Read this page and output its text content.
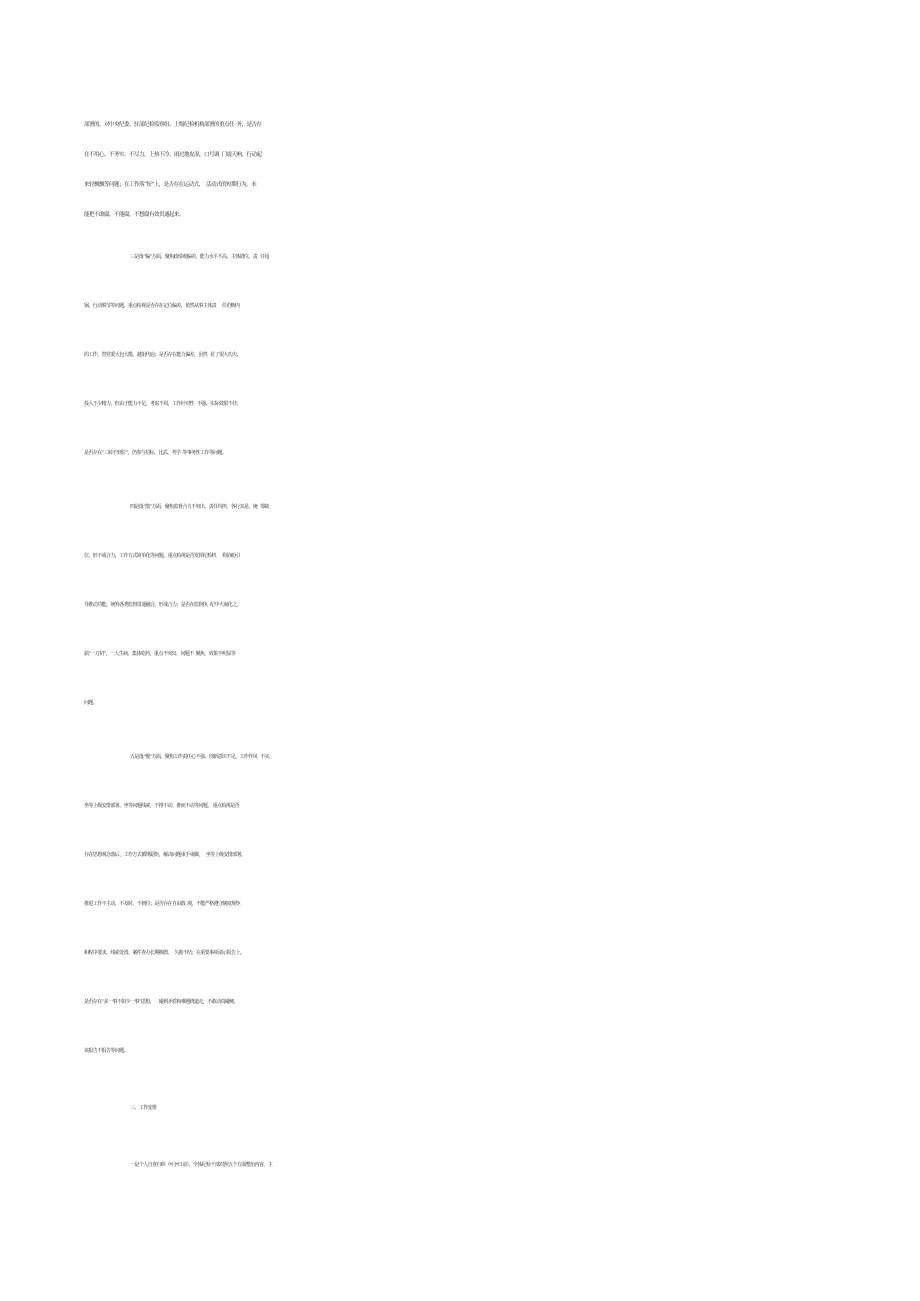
部署的，对中央纪委、驻部纪检监察组、上级纪检机构部署的重点任  务，是否存
在不用心、不务实、不尽力，上热下冷、雨过地皮湿，口号调  门震天响、行动起
来轻飘飘等问题；在工作落“短”上，是否存在运动式、  活动式的短期行为，未
能把不敢腐、不能腐、不想腐有效贯通起来。
三是落“偏”方面。聚焦政绩观偏差、能力水平不高、主体错位、责   任甩
锅、行动脱节等问题。重点检视是否存在定位偏差，依然从事主体责      任范畴内
的工作，替党委大包大揽、越俎代庖；是否存在能力偏差，虽然   花了很大功夫、
投入不少精力，但由于能力不足、考虑不周，工作针对性   不强、实际效果不佳；
是否存在“三转不到位”，仍参与招标、比武、考学  等事务性工作等问题。
四是落“散”方面。聚焦监督合力不突出、责任均担、各行其是、统   筹缺
位，形不成合力，工作方式简单化等问题。重点检视是否发挥纪检机      构协助引
导推动功能，统筹各类监督贯通融合、形成合力；是否在监督执   纪中大而化之、
搞“一刀切”，一人生病、集体吃药，重点不突出、问题不  聚焦，效果不明显等
问题。
五是落“慢”方面。聚焦工作责任心不强、创新意识不足、工作作风   不实，
坐等上级安排部署、坐等问题线索，不推不动、推而不动等问题。 重点检视是否
存在思想观念落后，工作方式循规蹈矩，解决问题束手束脚，   坐等上级安排部署，
推进工作不主动、不及时、不到位；是否存在自由散  漫，不能严格遵守制度规矩
和程序要求，线索处置、案件查办长期搁置、  久拖不结；在重要事项请示报告上，
是否存在“多一事不如少一事”思想，     碰到矛盾和难题绕道走，不敢动真碰硬，
该报告不报告等问题。
三、工作安排
一是个人自查自纠（*月*日前）。全体纪检干部对照五个方面整治内容，主
